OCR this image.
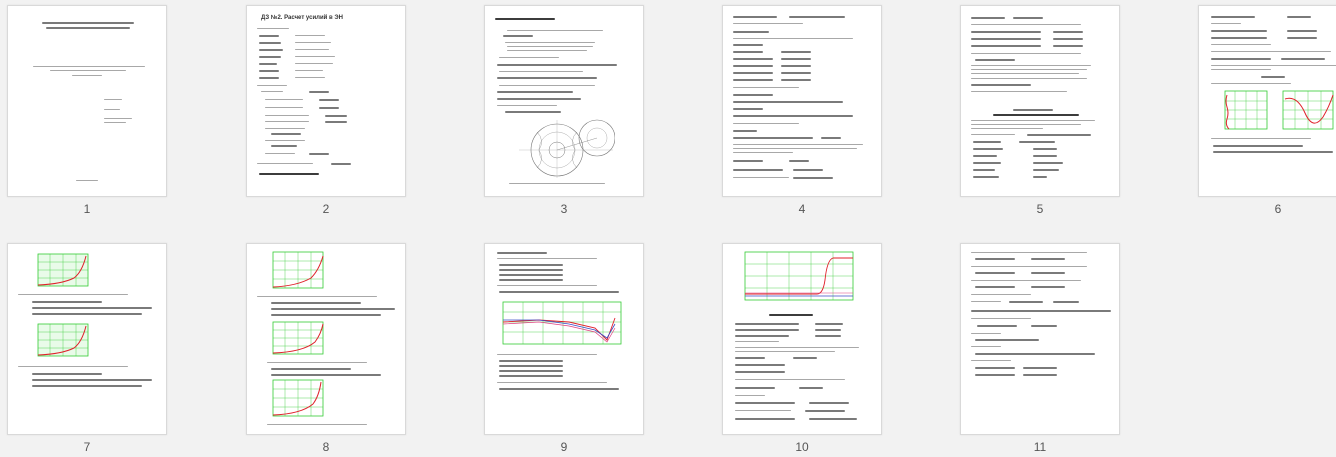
1
ДЗ №2. Расчет усилий в ЭН
2	3	4	5	6
7	8	9	10	11
